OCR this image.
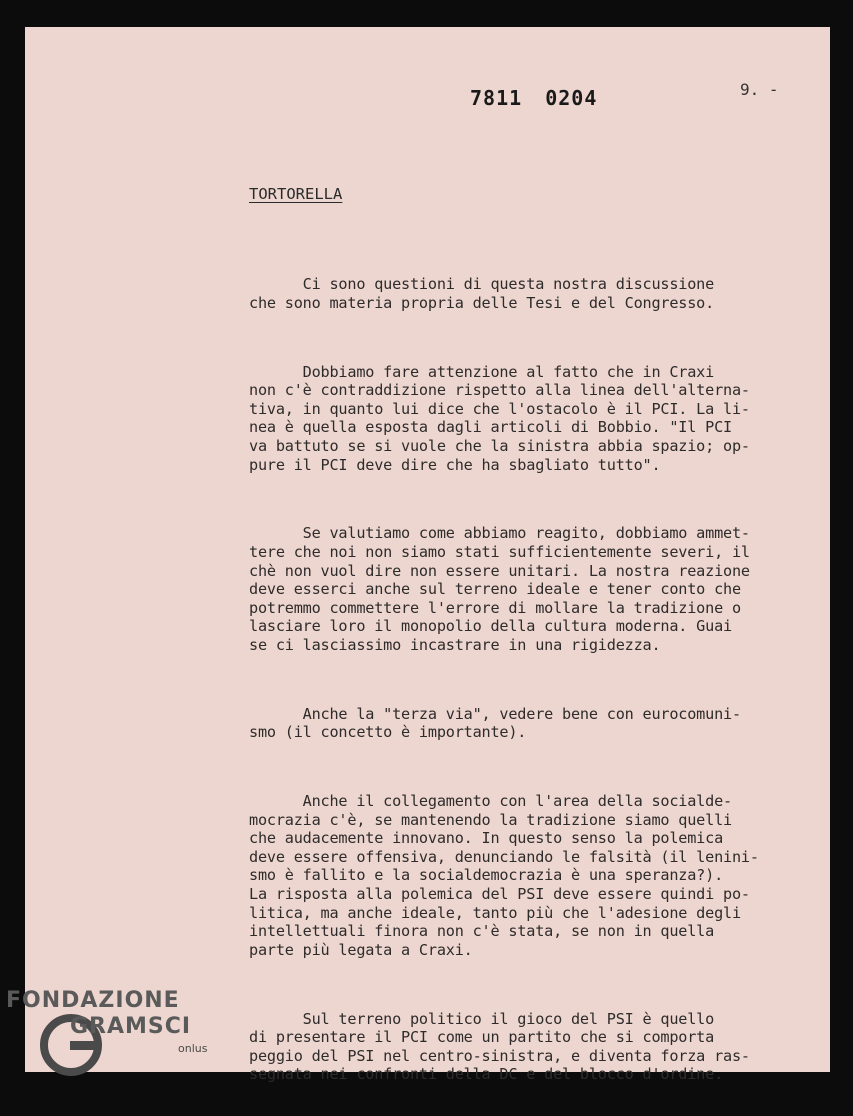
7811 0204	9. -
TORTORELLA

Ci sono questioni di questa nostra discussione
che sono materia propria delle Tesi e del Congresso.

Dobbiamo fare attenzione al fatto che in Craxi
non c'è contraddizione rispetto alla linea dell'alterna-
tiva, in quanto lui dice che l'ostacolo è il PCI. La li-
nea è quella esposta dagli articoli di Bobbio. "Il PCI
va battuto se si vuole che la sinistra abbia spazio; op-
pure il PCI deve dire che ha sbagliato tutto".

Se valutiamo come abbiamo reagito, dobbiamo ammet-
tere che noi non siamo stati sufficientemente severi, il
chè non vuol dire non essere unitari. La nostra reazione
deve esserci anche sul terreno ideale e tener conto che
potremmo commettere l'errore di mollare la tradizione o
lasciare loro il monopolio della cultura moderna. Guai
se ci lasciassimo incastrare in una rigidezza.

Anche la "terza via", vedere bene con eurocomuni-
smo (il concetto è importante).

Anche il collegamento con l'area della socialde-
mocrazia c'è, se mantenendo la tradizione siamo quelli
che audacemente innovano. In questo senso la polemica
deve essere offensiva, denunciando le falsità (il lenini-
smo è fallito e la socialdemocrazia è una speranza?).
La risposta alla polemica del PSI deve essere quindi po-
litica, ma anche ideale, tanto più che l'adesione degli
intellettuali finora non c'è stata, se non in quella
parte più legata a Craxi.

Sul terreno politico il gioco del PSI è quello
di presentare il PCI come un partito che si comporta
peggio del PSI nel centro-sinistra, e diventa forza ras-
segnata nei confronti della DC e del blocco d'ordine.

FONDAZIONE
GRAMSCI
onlus
